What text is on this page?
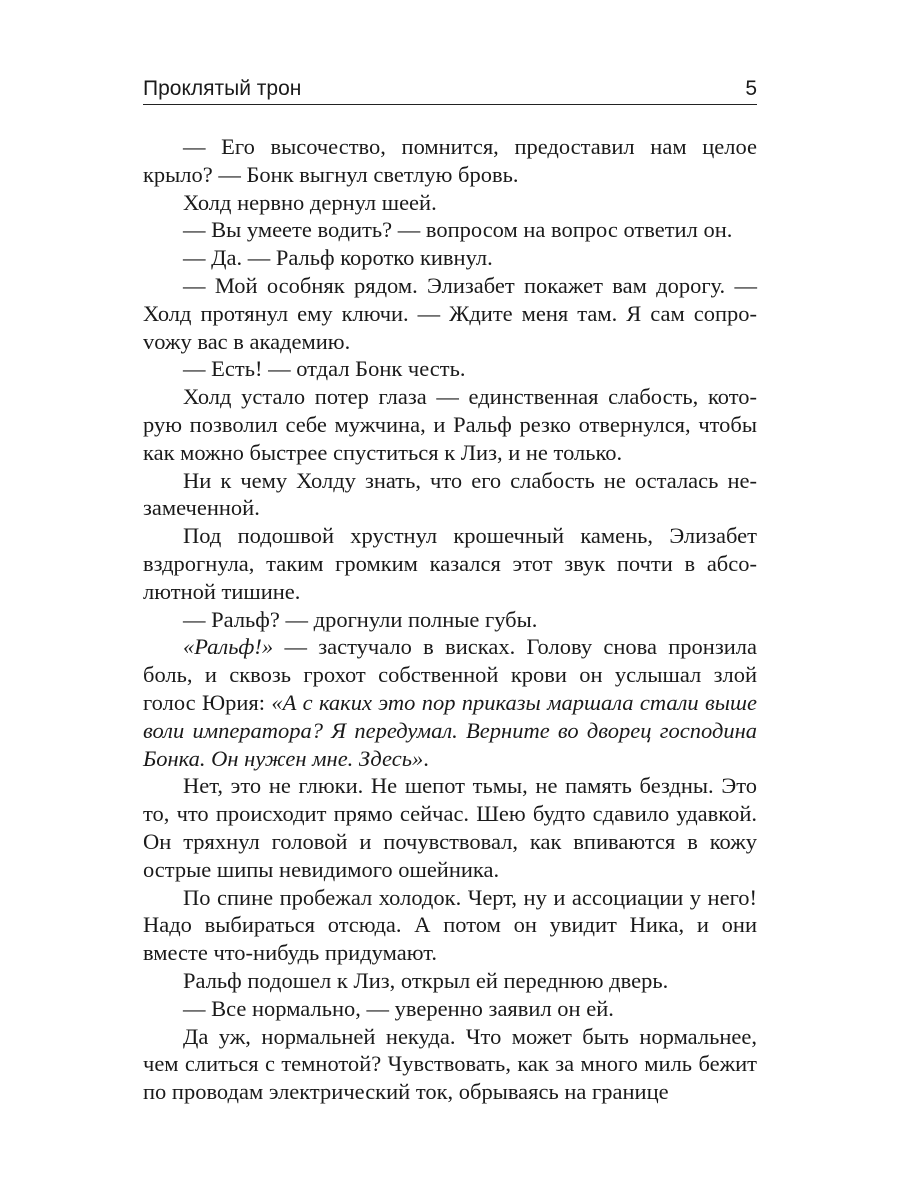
Проклятый трон	5

— Его высочество, помнится, предоставил нам целое крыло? — Бонк выгнул светлую бровь.

Холд нервно дернул шеей.

— Вы умеете водить? — вопросом на вопрос ответил он.

— Да. — Ральф коротко кивнул.

— Мой особняк рядом. Элизабет покажет вам дорогу. — Холд протянул ему ключи. — Ждите меня там. Я сам сопроvожу вас в академию.

— Есть! — отдал Бонк честь.

Холд устало потер глаза — единственная слабость, которую позволил себе мужчина, и Ральф резко отвернулся, чтобы как можно быстрее спуститься к Лиз, и не только.

Ни к чему Холду знать, что его слабость не осталась незамеченной.

Под подошвой хрустнул крошечный камень, Элизабет вздрогнула, таким громким казался этот звук почти в абсолютной тишине.

— Ральф? — дрогнули полные губы.

«Ральф!» — застучало в висках. Голову снова пронзила боль, и сквозь грохот собственной крови он услышал злой голос Юрия: «А с каких это пор приказы маршала стали выше воли императора? Я передумал. Верните во дворец господина Бонка. Он нужен мне. Здесь».

Нет, это не глюки. Не шепот тьмы, не память бездны. Это то, что происходит прямо сейчас. Шею будто сдавило удавкой. Он тряхнул головой и почувствовал, как впиваются в кожу острые шипы невидимого ошейника.

По спине пробежал холодок. Черт, ну и ассоциации у него! Надо выбираться отсюда. А потом он увидит Ника, и они вместе что-нибудь придумают.

Ральф подошел к Лиз, открыл ей переднюю дверь.

— Все нормально, — уверенно заявил он ей.

Да уж, нормальней некуда. Что может быть нормальнее, чем слиться с темнотой? Чувствовать, как за много миль бежит по проводам электрический ток, обрываясь на границе
